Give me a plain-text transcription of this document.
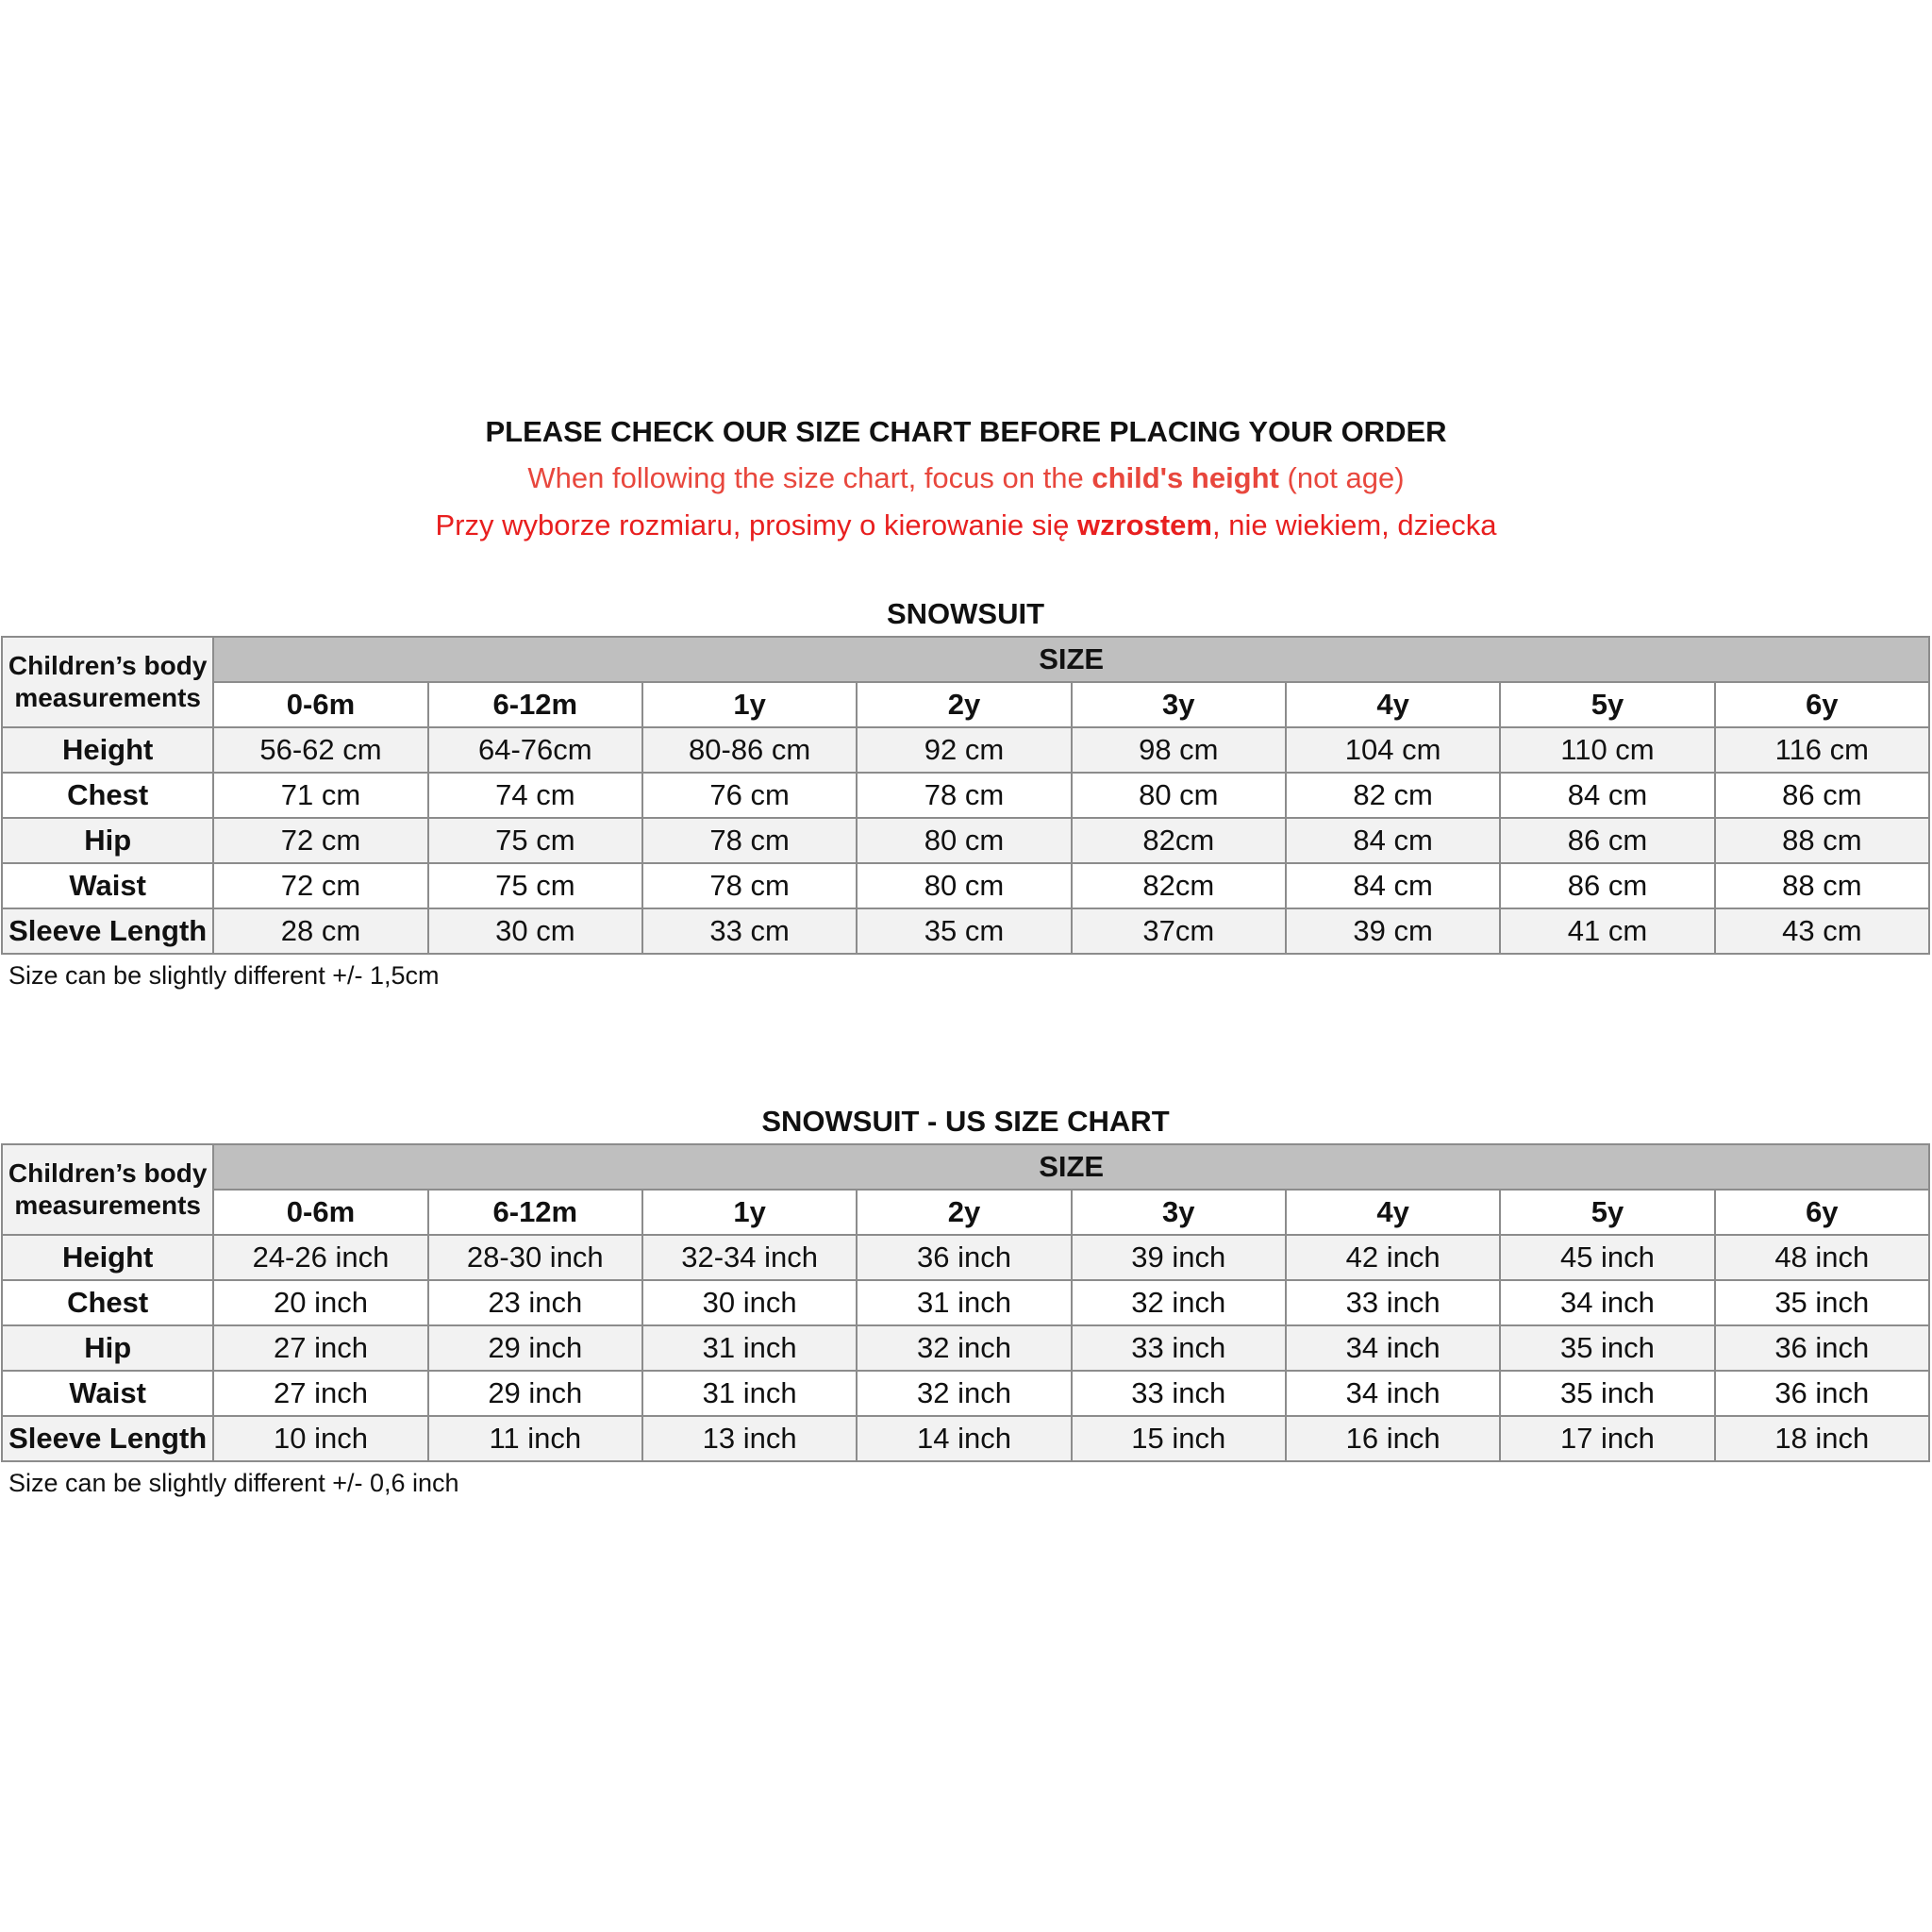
PLEASE CHECK OUR SIZE CHART BEFORE PLACING YOUR ORDER
When following the size chart, focus on the child's height (not age)
Przy wyborze rozmiaru, prosimy o kierowanie się wzrostem, nie wiekiem, dziecka
SNOWSUIT
Children’s body measurements	SIZE							
	0-6m	6-12m	1y	2y	3y	4y	5y	6y
Height	56-62 cm	64-76cm	80-86 cm	92 cm	98 cm	104 cm	110 cm	116 cm
Chest	71 cm	74 cm	76 cm	78 cm	80 cm	82 cm	84 cm	86 cm
Hip	72 cm	75 cm	78 cm	80 cm	82cm	84 cm	86 cm	88 cm
Waist	72 cm	75 cm	78 cm	80 cm	82cm	84 cm	86 cm	88 cm
Sleeve Length	28 cm	30 cm	33 cm	35 cm	37cm	39 cm	41 cm	43 cm
Size can be slightly different +/- 1,5cm
SNOWSUIT - US SIZE CHART
Children’s body measurements	SIZE							
	0-6m	6-12m	1y	2y	3y	4y	5y	6y
Height	24-26 inch	28-30 inch	32-34 inch	36 inch	39 inch	42 inch	45 inch	48 inch
Chest	20 inch	23 inch	30 inch	31 inch	32 inch	33 inch	34 inch	35 inch
Hip	27 inch	29 inch	31 inch	32 inch	33 inch	34 inch	35 inch	36 inch
Waist	27 inch	29 inch	31 inch	32 inch	33 inch	34 inch	35 inch	36 inch
Sleeve Length	10 inch	11 inch	13 inch	14 inch	15 inch	16 inch	17 inch	18 inch
Size can be slightly different +/- 0,6 inch
